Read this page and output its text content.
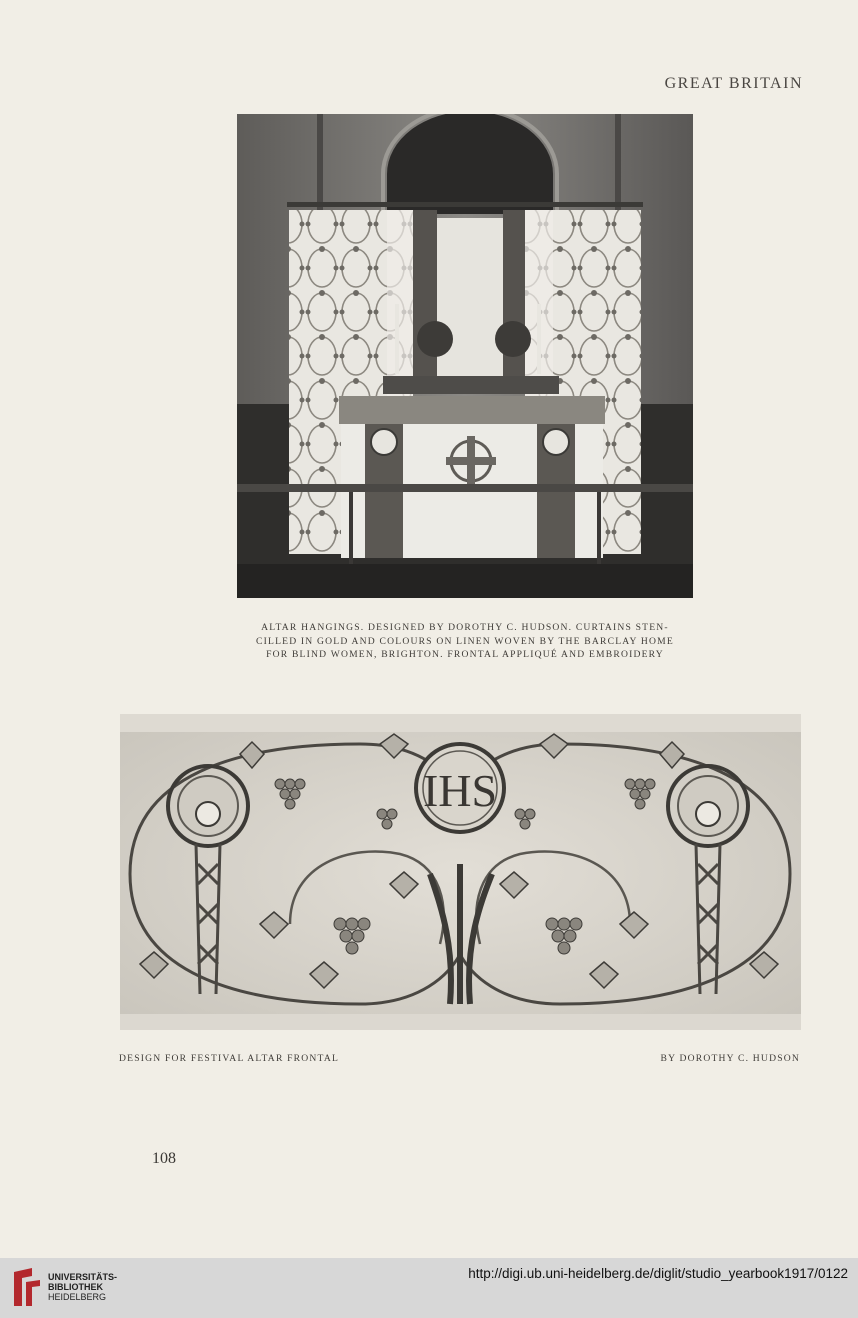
GREAT BRITAIN
ALTAR HANGINGS. DESIGNED BY DOROTHY C. HUDSON. CURTAINS STEN-
CILLED IN GOLD AND COLOURS ON LINEN WOVEN BY THE BARCLAY HOME
FOR BLIND WOMEN, BRIGHTON. FRONTAL APPLIQUÉ AND EMBROIDERY
IHS
DESIGN FOR FESTIVAL ALTAR FRONTAL	BY DOROTHY C. HUDSON
108
UNIVERSITÄTS-
BIBLIOTHEK
HEIDELBERG
http://digi.ub.uni-heidelberg.de/diglit/studio_yearbook1917/0122
